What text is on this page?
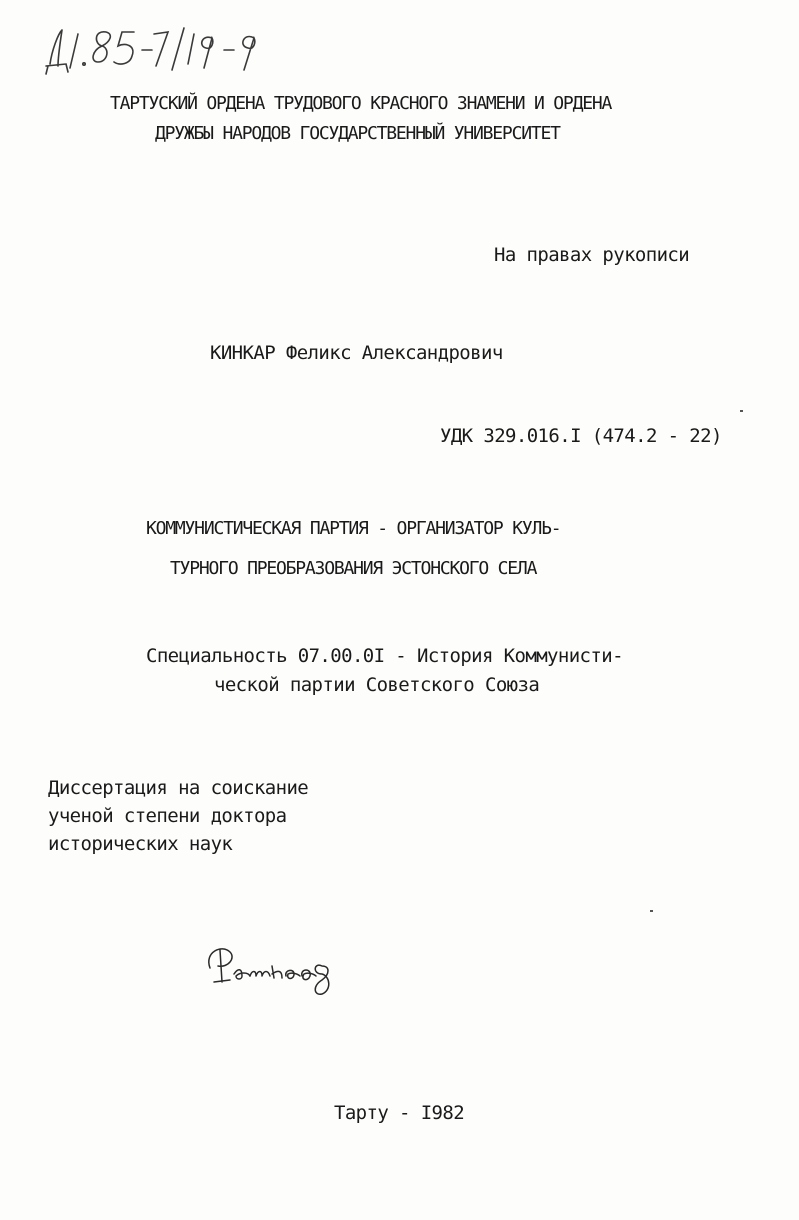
ТАРТУСКИЙ ОРДЕНА ТРУДОВОГО КРАСНОГО ЗНАМЕНИ И ОРДЕНА
ДРУЖБЫ НАРОДОВ ГОСУДАРСТВЕННЫЙ УНИВЕРСИТЕТ
На правах рукописи
КИНКАР Феликс Александрович
УДК 329.016.I (474.2 - 22)
КОММУНИСТИЧЕСКАЯ ПАРТИЯ - ОРГАНИЗАТОР КУЛЬ-
ТУРНОГО ПРЕОБРАЗОВАНИЯ ЭСТОНСКОГО СЕЛА
Специальность 07.00.0I - История Коммунисти-
ческой партии Советского Союза
Диссертация на соискание
ученой степени доктора
исторических наук
Тарту - I982
